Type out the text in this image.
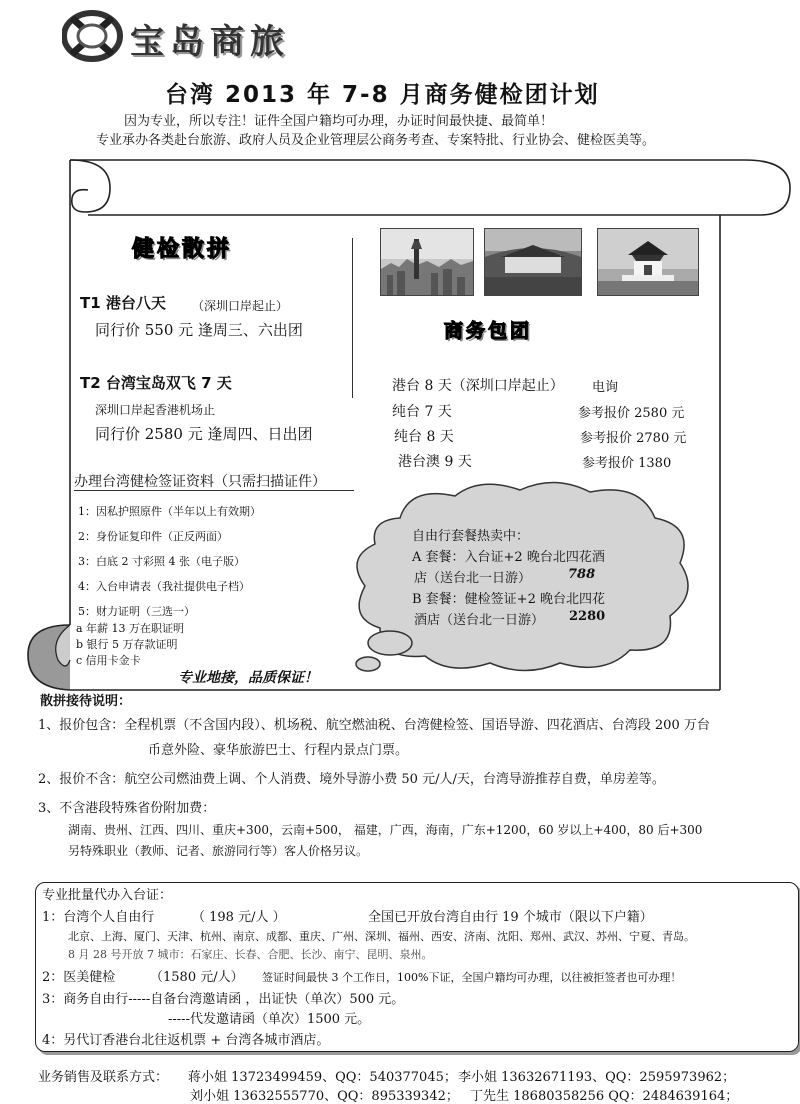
宝岛商旅
台湾 2013 年 7-8 月商务健检团计划
因为专业，所以专注！证件全国户籍均可办理，办证时间最快捷、最简单！
专业承办各类赴台旅游、政府人员及企业管理层公商务考查、专案特批、行业协会、健检医美等。
健检散拼
商务包团
T1 港台八天 （深圳口岸起止）
同行价 550 元 逢周三、六出团
T2 台湾宝岛双飞 7 天
深圳口岸起香港机场止
同行价 2580 元 逢周四、日出团
办理台湾健检签证资料（只需扫描证件）
1：因私护照原件（半年以上有效期）
2：身份证复印件（正反两面）
3：白底 2 寸彩照 4 张（电子版）
4：入台申请表（我社提供电子档）
5：财力证明（三选一）
a 年薪 13 万在职证明
b 银行 5 万存款证明
c 信用卡金卡
专业地接，品质保证！
港台 8 天（深圳口岸起止） 电询
纯台 7 天	参考报价 2580 元
纯台 8 天	参考报价 2780 元
港台澳 9 天	参考报价 1380
自由行套餐热卖中：
A 套餐：入台证+2 晚台北四花酒
店（送台北一日游）	788
B 套餐：健检签证+2 晚台北四花
酒店（送台北一日游） 2280
散拼接待说明：
1、报价包含：全程机票（不含国内段）、机场税、航空燃油税、台湾健检签、国语导游、四花酒店、台湾段 200 万台
币意外险、豪华旅游巴士、行程内景点门票。
2、报价不含：航空公司燃油费上调、个人消费、境外导游小费 50 元/人/天，台湾导游推荐自费，单房差等。
3、不含港段特殊省份附加费：
湖南、贵州、江西、四川、重庆+300，云南+500， 福建，广西，海南，广东+1200，60 岁以上+400，80 后+300
另特殊职业（教师、记者、旅游同行等）客人价格另议。
专业批量代办入台证：
1：台湾个人自由行	（ 198 元/人 ）	全国已开放台湾自由行 19 个城市（限以下户籍）
北京、上海、厦门、天津、杭州、南京、成都、重庆、广州、深圳、福州、西安、济南、沈阳、郑州、武汉、苏州、宁夏、青岛。
8 月 28 号开放 7 城市：石家庄、长春、合肥、长沙、南宁、昆明、泉州。
2：医美健检	（1580 元/人） 签证时间最快 3 个工作日，100%下证，全国户籍均可办理，以往被拒签者也可办理！
3：商务自由行-----自备台湾邀请函 ，出证快（单次）500 元。
-----代发邀请函（单次）1500 元。
4：另代订香港台北往返机票 + 台湾各城市酒店。
业务销售及联系方式： 蒋小姐 13723499459、QQ：540377045； 李小姐 13632671193、QQ：2595973962；
刘小姐 13632555770、QQ：895339342； 丁先生 18680358256 QQ：2484639164；
